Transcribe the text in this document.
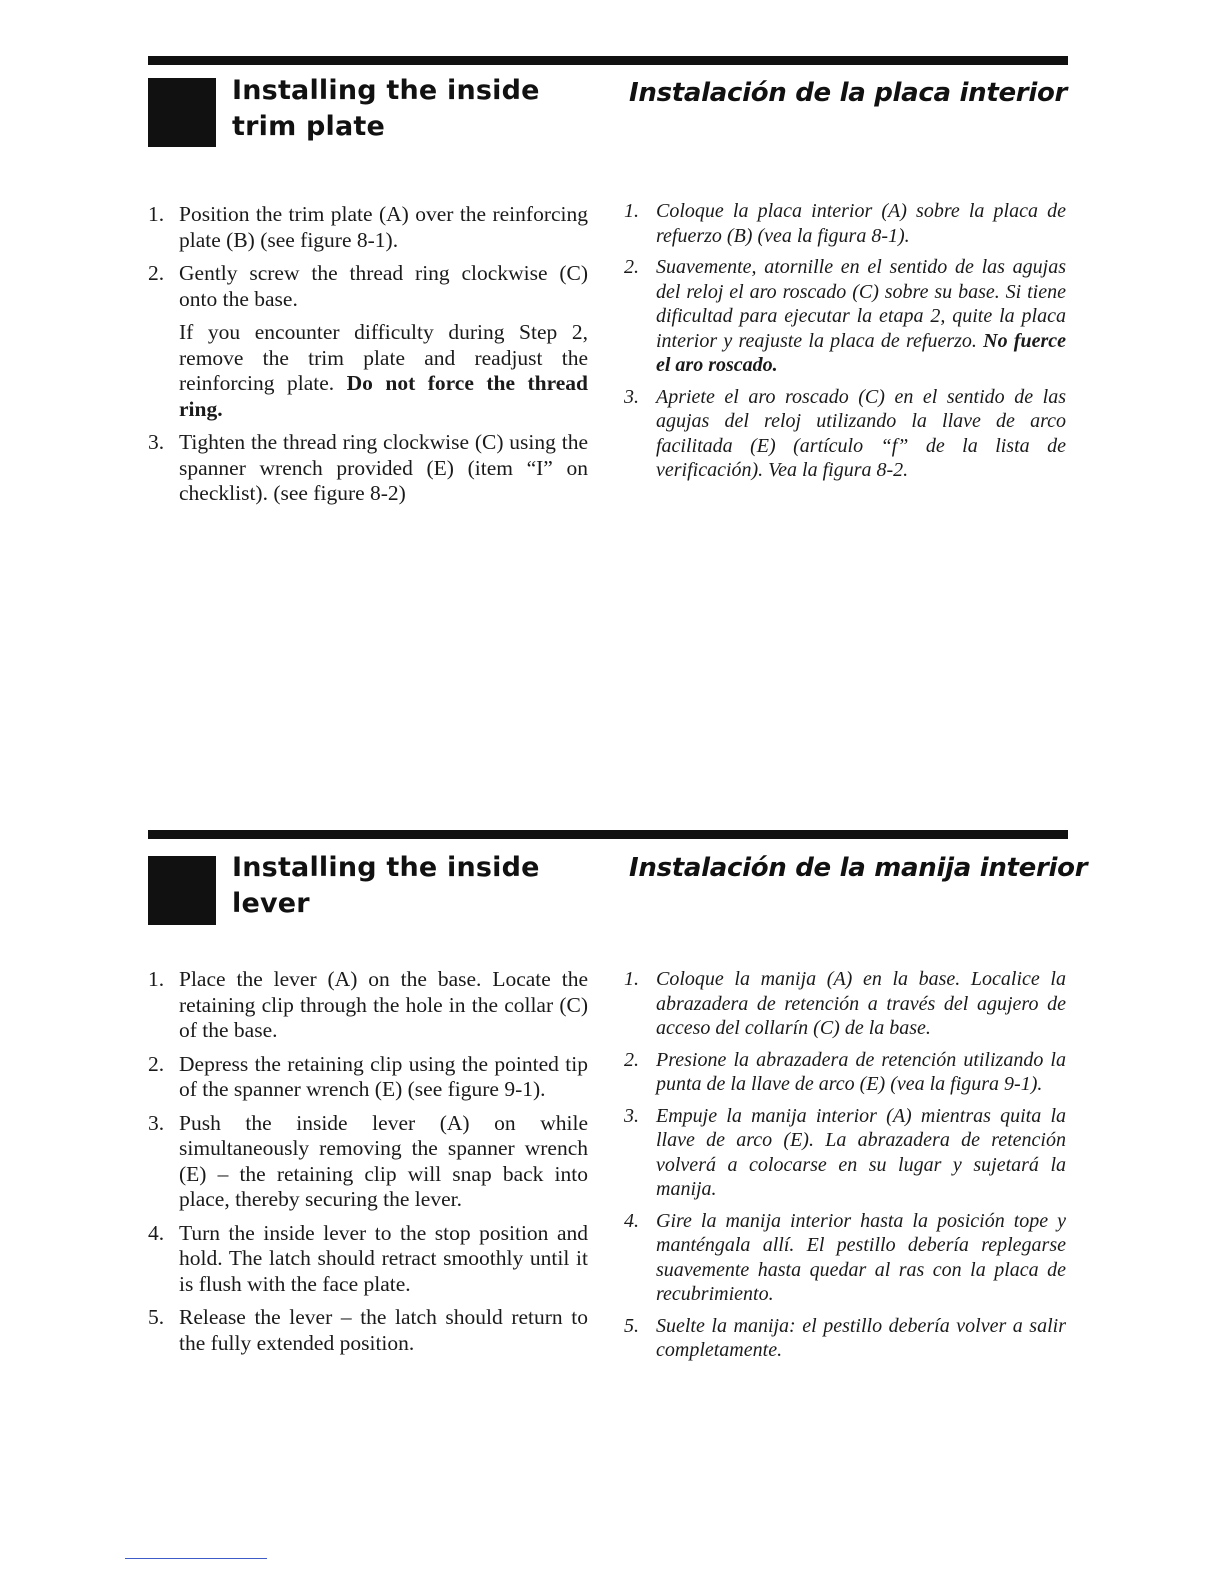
Installing the inside trim plate
Instalación de la placa interior
1. Position the trim plate (A) over the reinforcing plate (B) (see figure 8-1).
2. Gently screw the thread ring clockwise (C) onto the base.
If you encounter difficulty during Step 2, remove the trim plate and readjust the reinforcing plate. Do not force the thread ring.
3. Tighten the thread ring clockwise (C) using the spanner wrench provided (E) (item “I” on checklist). (see figure 8-2)
1. Coloque la placa interior (A) sobre la placa de refuerzo (B) (vea la figura 8-1).
2. Suavemente, atornille en el sentido de las agujas del reloj el aro roscado (C) sobre su base. Si tiene dificultad para ejecutar la etapa 2, quite la placa interior y reajuste la placa de refuerzo. No fuerce el aro roscado.
3. Apriete el aro roscado (C) en el sentido de las agujas del reloj utilizando la llave de arco facilitada (E) (artículo “f” de la lista de verificación). Vea la figura 8-2.
Installing the inside lever
Instalación de la manija interior
1. Place the lever (A) on the base. Locate the retaining clip through the hole in the collar (C) of the base.
2. Depress the retaining clip using the pointed tip of the spanner wrench (E) (see figure 9-1).
3. Push the inside lever (A) on while simultaneously removing the spanner wrench (E) – the retaining clip will snap back into place, thereby securing the lever.
4. Turn the inside lever to the stop position and hold. The latch should retract smoothly until it is flush with the face plate.
5. Release the lever – the latch should return to the fully extended position.
1. Coloque la manija (A) en la base. Localice la abrazadera de retención a través del agujero de acceso del collarín (C) de la base.
2. Presione la abrazadera de retención utilizando la punta de la llave de arco (E) (vea la figura 9-1).
3. Empuje la manija interior (A) mientras quita la llave de arco (E). La abrazadera de retención volverá a colocarse en su lugar y sujetará la manija.
4. Gire la manija interior hasta la posición tope y manténgala allí. El pestillo debería replegarse suavemente hasta quedar al ras con la placa de recubrimiento.
5. Suelte la manija: el pestillo debería volver a salir completamente.
